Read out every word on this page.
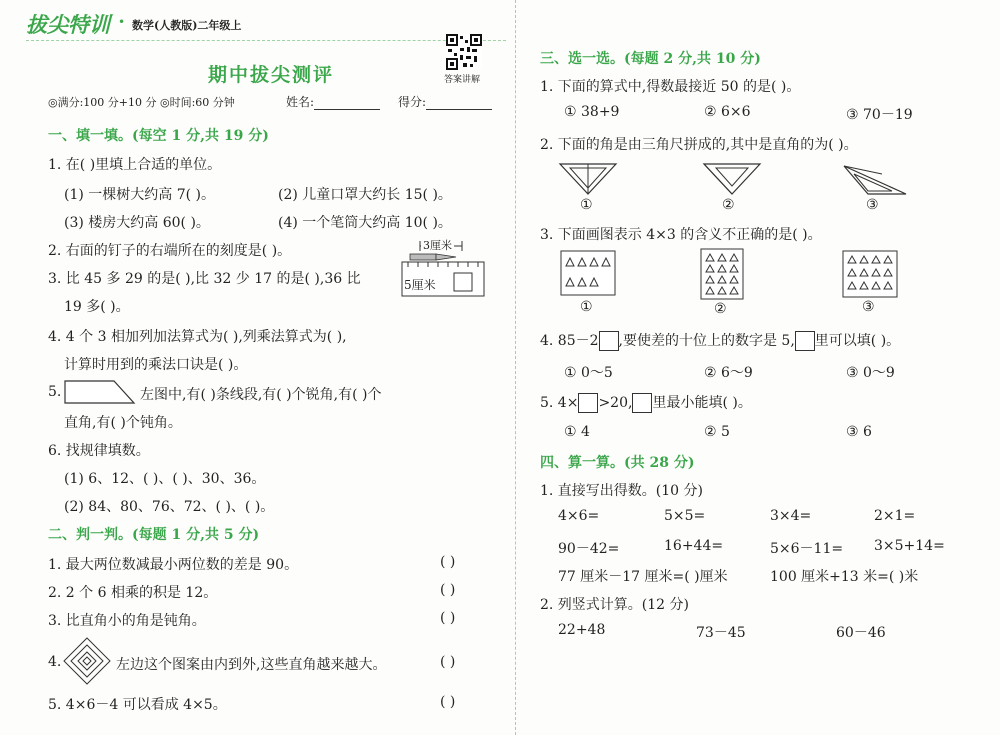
拔尖特训 • 数学(人教版)二年级上
答案讲解
期中拔尖测评
◎满分:100 分+10 分 ◎时间:60 分钟	姓名:	得分:
一、填一填。(每空 1 分,共 19 分)
1. 在( )里填上合适的单位。
(1) 一棵树大约高 7( )。	(2) 儿童口罩大约长 15( )。
(3) 楼房大约高 60( )。	(4) 一个笔筒大约高 10( )。
2. 右面的钉子的右端所在的刻度是( )。	3厘米
5厘米
3. 比 45 多 29 的是( ),比 32 少 17 的是( ),36 比
19 多( )。
4. 4 个 3 相加列加法算式为( ),列乘法算式为( ),
计算时用到的乘法口诀是( )。
5.	左图中,有( )条线段,有( )个锐角,有( )个
直角,有( )个钝角。
6. 找规律填数。
(1) 6、12、( )、( )、30、36。
(2) 84、80、76、72、( )、( )。
二、判一判。(每题 1 分,共 5 分)
1. 最大两位数减最小两位数的差是 90。	( )
2. 2 个 6 相乘的积是 12。	( )
3. 比直角小的角是钝角。	( )
4.	左边这个图案由内到外,这些直角越来越大。	( )
5. 4×6－4 可以看成 4×5。	( )
三、选一选。(每题 2 分,共 10 分)
1. 下面的算式中,得数最接近 50 的是( )。
① 38+9	② 6×6	③ 70－19
2. 下面的角是由三角尺拼成的,其中是直角的为( )。
①	②	③
3. 下面画图表示 4×3 的含义不正确的是( )。
①	②	③
4. 85－2 ,要使差的十位上的数字是 5, 里可以填( )。
① 0～5	② 6～9	③ 0～9
5. 4× >20, 里最小能填( )。
① 4	② 5	③ 6
四、算一算。(共 28 分)
1. 直接写出得数。(10 分)
4×6=	5×5=	3×4=	2×1=
90－42=	16+44=	5×6－11= 3×5+14=
77 厘米－17 厘米=( )厘米	100 厘米+13 米=( )米
2. 列竖式计算。(12 分)
22+48	73－45	60－46
